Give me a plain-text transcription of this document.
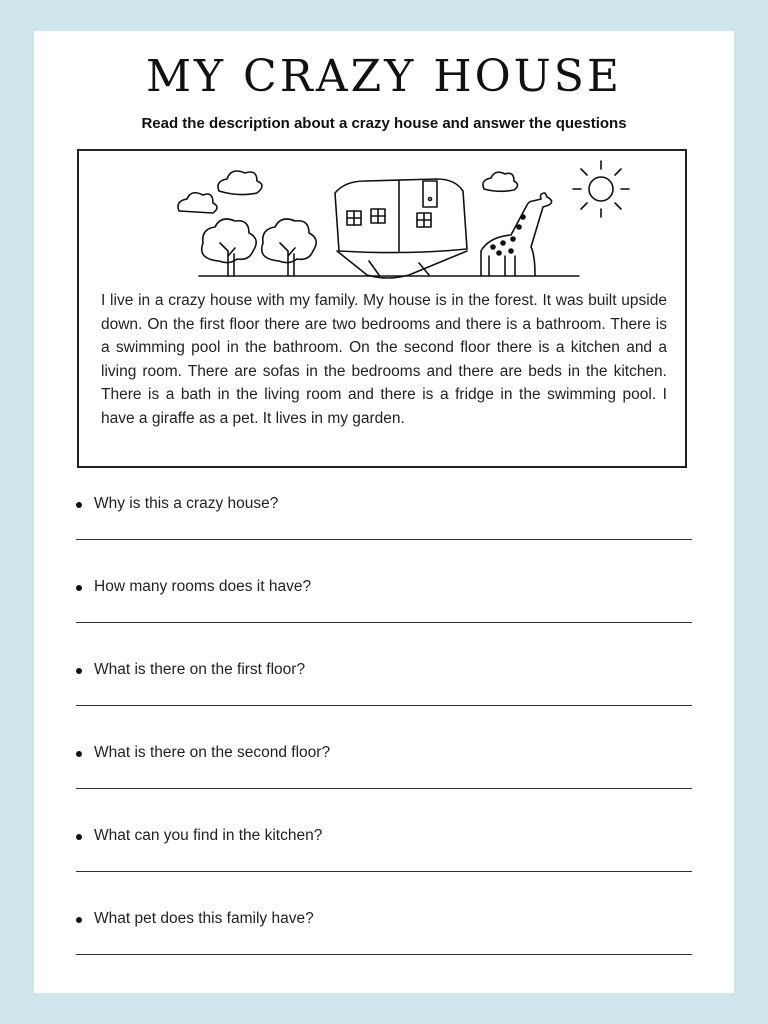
MY CRAZY HOUSE
Read the description about a crazy house and answer the questions

I live in a crazy house with my family. My house is in the forest. It was built upside down. On the first floor there are two bedrooms and there is a bathroom. There is a swimming pool in the bathroom. On the second floor there is a kitchen and a living room. There are sofas in the bedrooms and there are beds in the kitchen. There is a bath in the living room and there is a fridge in the swimming pool. I have a giraffe as a pet. It lives in my garden.

Why is this a crazy house?
How many rooms does it have?
What is there on the first floor?
What is there on the second floor?
What can you find in the kitchen?
What pet does this family have?
